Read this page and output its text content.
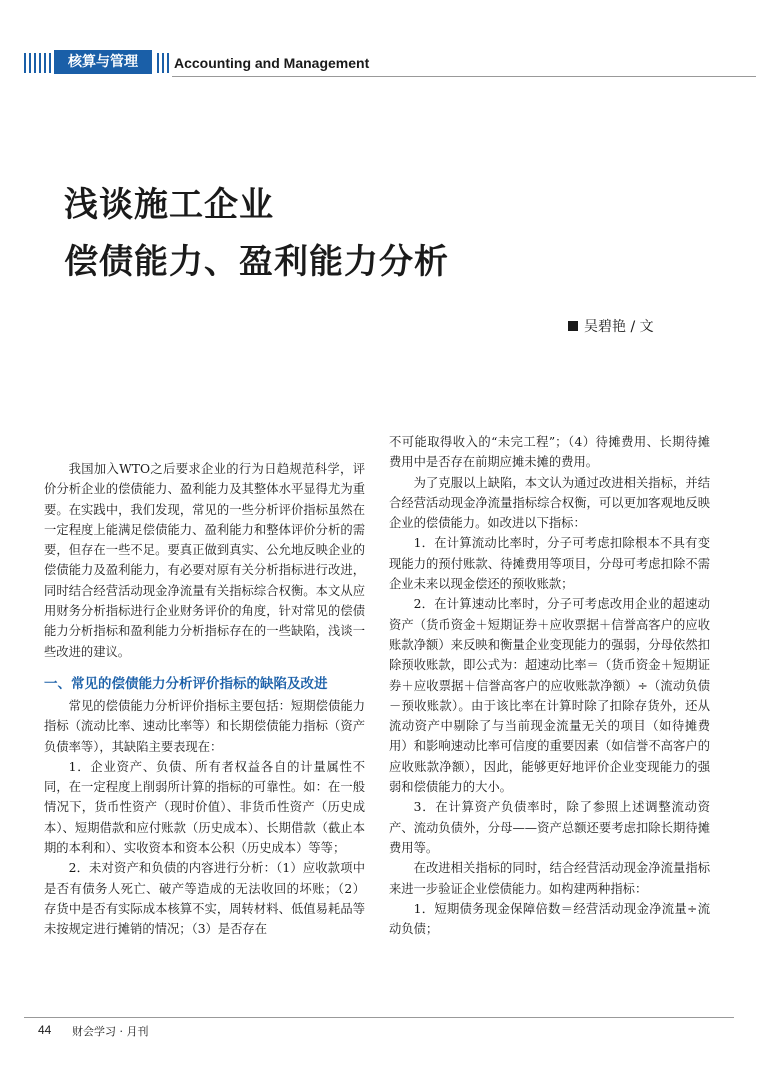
核算与管理	Accounting and Management
浅谈施工企业
偿债能力、盈利能力分析
吴碧艳 / 文

我国加入WTO之后要求企业的行为日趋规范科学，评价分析企业的偿债能力、盈利能力及其整体水平显得尤为重要。在实践中，我们发现，常见的一些分析评价指标虽然在一定程度上能满足偿债能力、盈利能力和整体评价分析的需要，但存在一些不足。要真正做到真实、公允地反映企业的偿债能力及盈利能力，有必要对原有关分析指标进行改进，同时结合经营活动现金净流量有关指标综合权衡。本文从应用财务分析指标进行企业财务评价的角度，针对常见的偿债能力分析指标和盈利能力分析指标存在的一些缺陷，浅谈一些改进的建议。

一、常见的偿债能力分析评价指标的缺陷及改进

常见的偿债能力分析评价指标主要包括：短期偿债能力指标（流动比率、速动比率等）和长期偿债能力指标（资产负债率等），其缺陷主要表现在：

1．企业资产、负债、所有者权益各自的计量属性不同，在一定程度上削弱所计算的指标的可靠性。如：在一般情况下，货币性资产（现时价值）、非货币性资产（历史成本）、短期借款和应付账款（历史成本）、长期借款（截止本期的本利和）、实收资本和资本公积（历史成本）等等；

2．未对资产和负债的内容进行分析：（1）应收款项中是否有债务人死亡、破产等造成的无法收回的坏账；（2）存货中是否有实际成本核算不实，周转材料、低值易耗品等未按规定进行摊销的情况；（3）是否存在

不可能取得收入的“未完工程”；（4）待摊费用、长期待摊费用中是否存在前期应摊未摊的费用。

为了克服以上缺陷，本文认为通过改进相关指标，并结合经营活动现金净流量指标综合权衡，可以更加客观地反映企业的偿债能力。如改进以下指标：

1．在计算流动比率时，分子可考虑扣除根本不具有变现能力的预付账款、待摊费用等项目，分母可考虑扣除不需企业未来以现金偿还的预收账款；

2．在计算速动比率时，分子可考虑改用企业的超速动资产（货币资金＋短期证券＋应收票据＋信誉高客户的应收账款净额）来反映和衡量企业变现能力的强弱，分母依然扣除预收账款，即公式为：超速动比率＝（货币资金＋短期证券＋应收票据＋信誉高客户的应收账款净额）÷（流动负债－预收账款）。由于该比率在计算时除了扣除存货外，还从流动资产中剔除了与当前现金流量无关的项目（如待摊费用）和影响速动比率可信度的重要因素（如信誉不高客户的应收账款净额），因此，能够更好地评价企业变现能力的强弱和偿债能力的大小。

3．在计算资产负债率时，除了参照上述调整流动资产、流动负债外，分母——资产总额还要考虑扣除长期待摊费用等。

在改进相关指标的同时，结合经营活动现金净流量指标来进一步验证企业偿债能力。如构建两种指标：

1．短期债务现金保障倍数＝经营活动现金净流量÷流动负债；

44 财会学习 · 月刊
